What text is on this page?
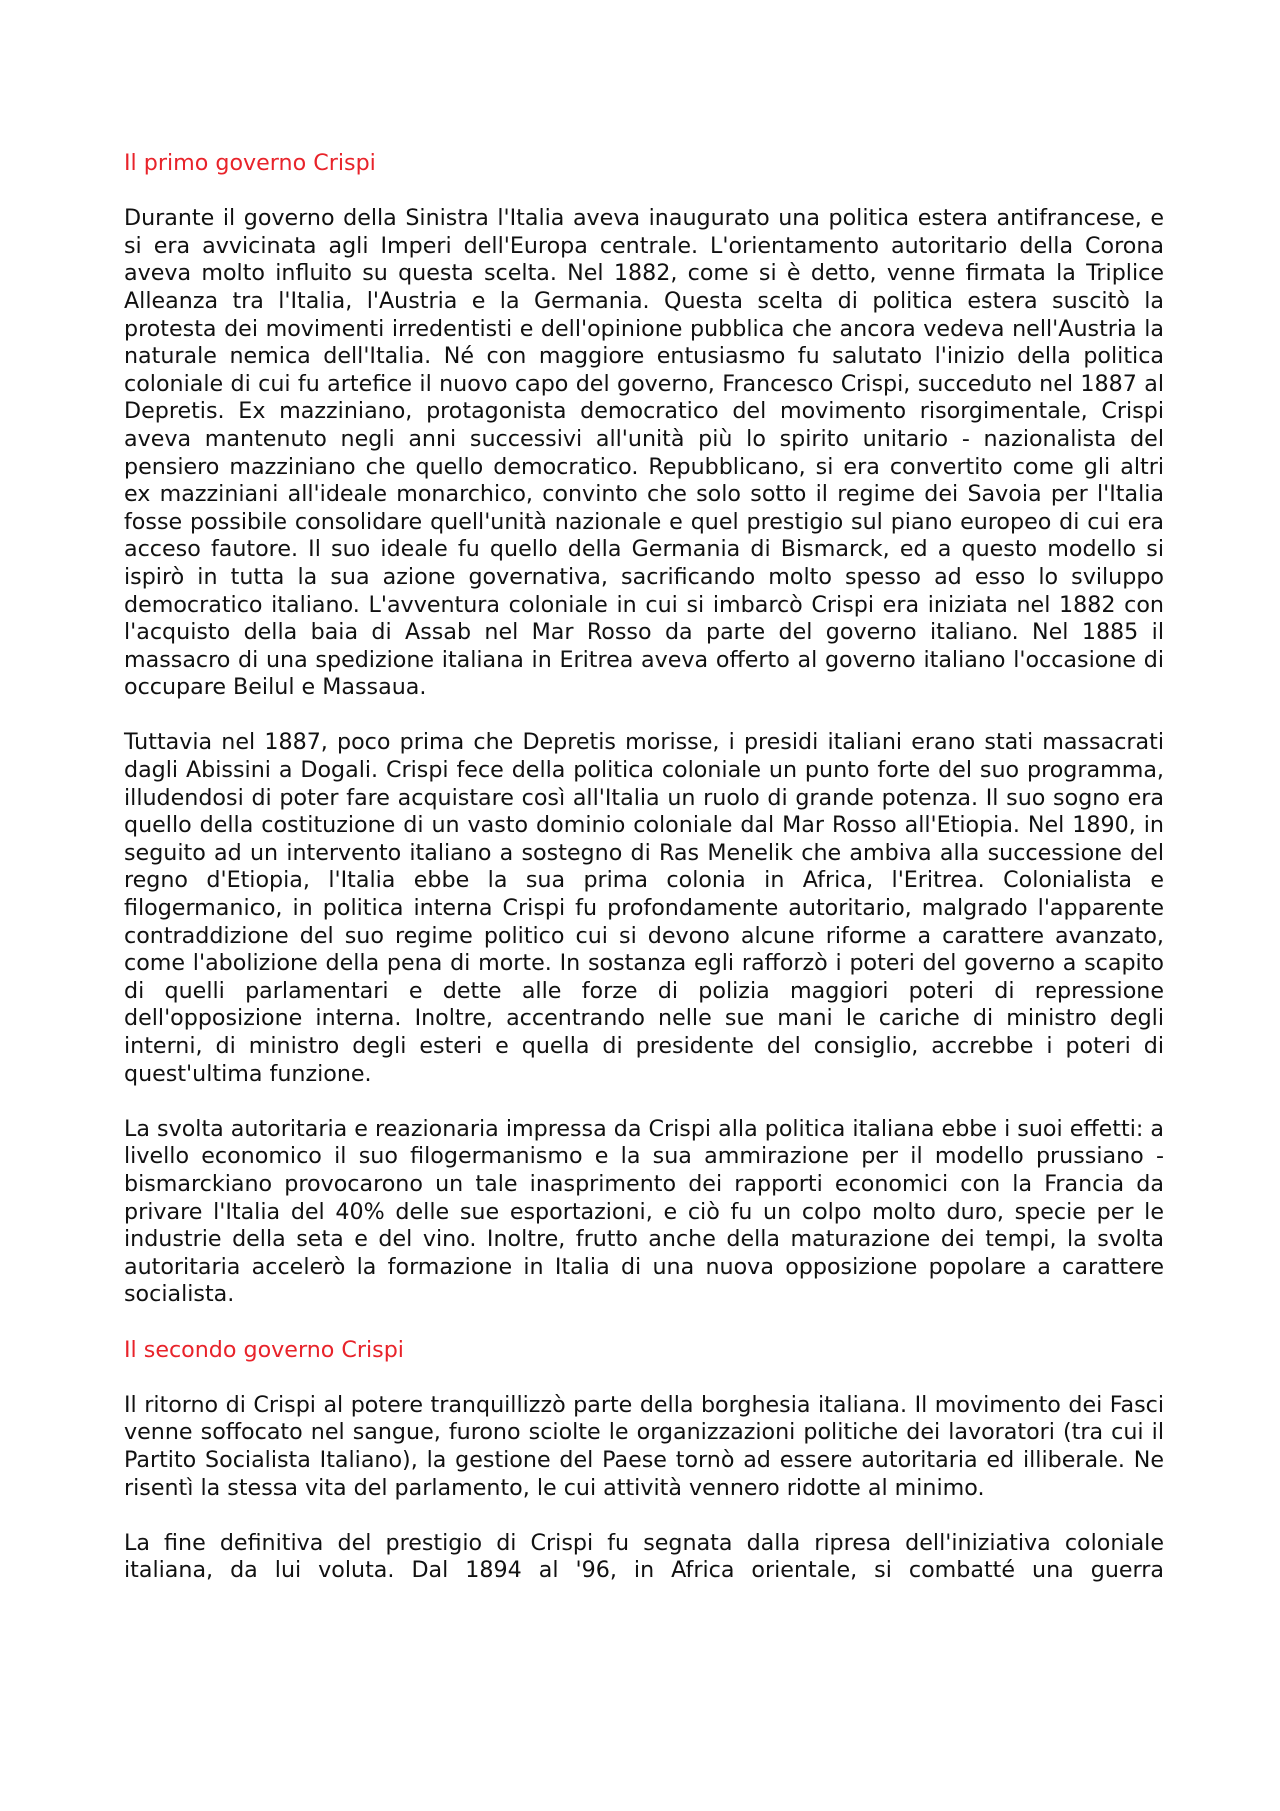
Il primo governo Crispi

Durante il governo della Sinistra l'Italia aveva inaugurato una politica estera antifrancese, e si era avvicinata agli Imperi dell'Europa centrale. L'orientamento autoritario della Corona aveva molto influito su questa scelta. Nel 1882, come si è detto, venne firmata la Triplice Alleanza tra l'Italia, l'Austria e la Germania. Questa scelta di politica estera suscitò la protesta dei movimenti irredentisti e dell'opinione pubblica che ancora vedeva nell'Austria la naturale nemica dell'Italia. Né con maggiore entusiasmo fu salutato l'inizio della politica coloniale di cui fu artefice il nuovo capo del governo, Francesco Crispi, succeduto nel 1887 al Depretis. Ex mazziniano, protagonista democratico del movimento risorgimentale, Crispi aveva mantenuto negli anni successivi all'unità più lo spirito unitario - nazionalista del pensiero mazziniano che quello democratico. Repubblicano, si era convertito come gli altri ex mazziniani all'ideale monarchico, convinto che solo sotto il regime dei Savoia per l'Italia fosse possibile consolidare quell'unità nazionale e quel prestigio sul piano europeo di cui era acceso fautore. Il suo ideale fu quello della Germania di Bismarck, ed a questo modello si ispirò in tutta la sua azione governativa, sacrificando molto spesso ad esso lo sviluppo democratico italiano. L'avventura coloniale in cui si imbarcò Crispi era iniziata nel 1882 con l'acquisto della baia di Assab nel Mar Rosso da parte del governo italiano. Nel 1885 il massacro di una spedizione italiana in Eritrea aveva offerto al governo italiano l'occasione di occupare Beilul e Massaua.

Tuttavia nel 1887, poco prima che Depretis morisse, i presidi italiani erano stati massacrati dagli Abissini a Dogali. Crispi fece della politica coloniale un punto forte del suo programma, illudendosi di poter fare acquistare così all'Italia un ruolo di grande potenza. Il suo sogno era quello della costituzione di un vasto dominio coloniale dal Mar Rosso all'Etiopia. Nel 1890, in seguito ad un intervento italiano a sostegno di Ras Menelik che ambiva alla successione del regno d'Etiopia, l'Italia ebbe la sua prima colonia in Africa, l'Eritrea. Colonialista e filogermanico, in politica interna Crispi fu profondamente autoritario, malgrado l'apparente contraddizione del suo regime politico cui si devono alcune riforme a carattere avanzato, come l'abolizione della pena di morte. In sostanza egli rafforzò i poteri del governo a scapito di quelli parlamentari e dette alle forze di polizia maggiori poteri di repressione dell'opposizione interna. Inoltre, accentrando nelle sue mani le cariche di ministro degli interni, di ministro degli esteri e quella di presidente del consiglio, accrebbe i poteri di quest'ultima funzione.

La svolta autoritaria e reazionaria impressa da Crispi alla politica italiana ebbe i suoi effetti: a livello economico il suo filogermanismo e la sua ammirazione per il modello prussiano - bismarckiano provocarono un tale inasprimento dei rapporti economici con la Francia da privare l'Italia del 40% delle sue esportazioni, e ciò fu un colpo molto duro, specie per le industrie della seta e del vino. Inoltre, frutto anche della maturazione dei tempi, la svolta autoritaria accelerò la formazione in Italia di una nuova opposizione popolare a carattere socialista.

Il secondo governo Crispi

Il ritorno di Crispi al potere tranquillizzò parte della borghesia italiana. Il movimento dei Fasci venne soffocato nel sangue, furono sciolte le organizzazioni politiche dei lavoratori (tra cui il Partito Socialista Italiano), la gestione del Paese tornò ad essere autoritaria ed illiberale. Ne risentì la stessa vita del parlamento, le cui attività vennero ridotte al minimo.

La fine definitiva del prestigio di Crispi fu segnata dalla ripresa dell'iniziativa coloniale italiana, da lui voluta. Dal 1894 al '96, in Africa orientale, si combatté una guerra
